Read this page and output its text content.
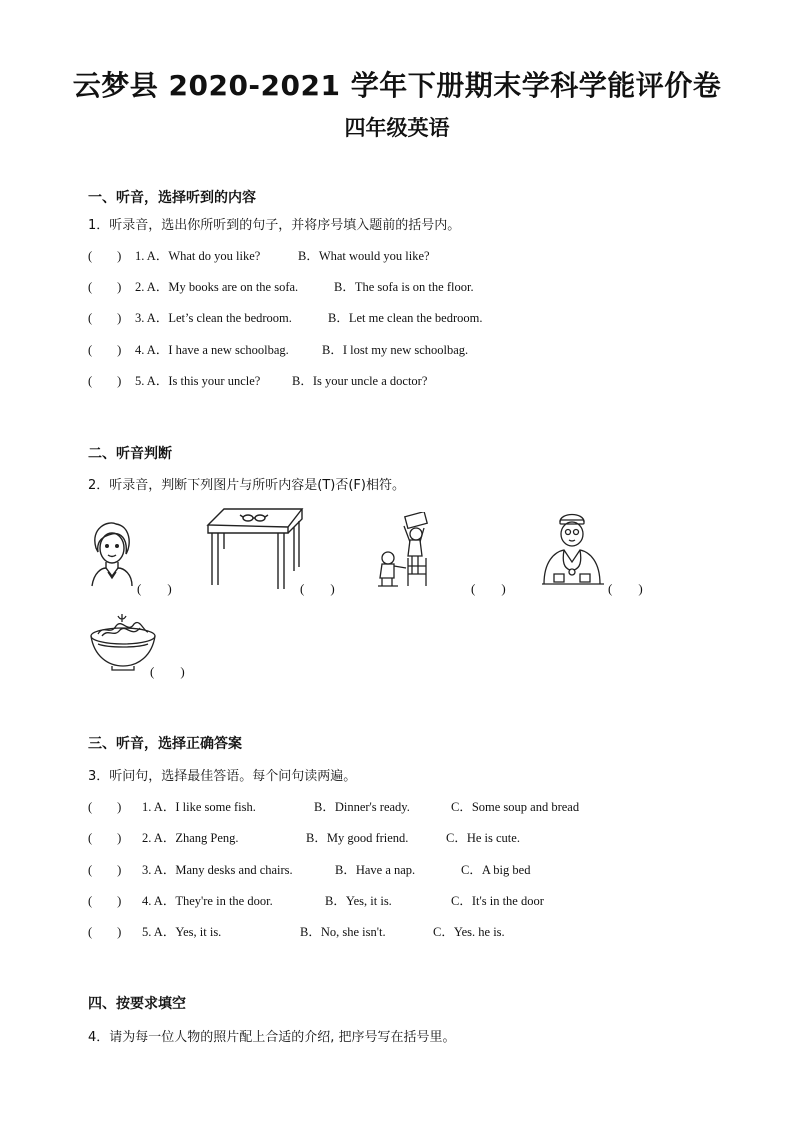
云梦县 2020-2021 学年下册期末学科学能评价卷
四年级英语
一、听音，选择听到的内容
1．听录音，选出你所听到的句子，并将序号填入题前的括号内。
(　　) 1. A．What do you like?	B．What would you like?
(　　) 2. A．My books are on the sofa.	B．The sofa is on the floor.
(　　) 3. A．Let’s clean the bedroom.	B．Let me clean the bedroom.
(　　) 4. A．I have a new schoolbag.	B．I lost my new schoolbag.
(　　) 5. A．Is this your uncle?	B．Is your uncle a doctor?
二、听音判断
2．听录音，判断下列图片与所听内容是(T)否(F)相符。
(　　)	(　　)	(　　)	(　　)
(　　)
三、听音，选择正确答案
3．听问句，选择最佳答语。每个问句读两遍。
(　　) 1. A．I like some fish.	B．Dinner's ready.	C．Some soup and bread
(　　) 2. A．Zhang Peng.	B．My good friend.	C．He is cute.
(　　) 3. A．Many desks and chairs.	B．Have a nap.	C．A big bed
(　　) 4. A．They're in the door.	B．Yes, it is.	C．It's in the door
(　　) 5. A．Yes, it is.	B．No, she isn't.	C．Yes. he is.
四、按要求填空
4．请为每一位人物的照片配上合适的介绍, 把序号写在括号里。
